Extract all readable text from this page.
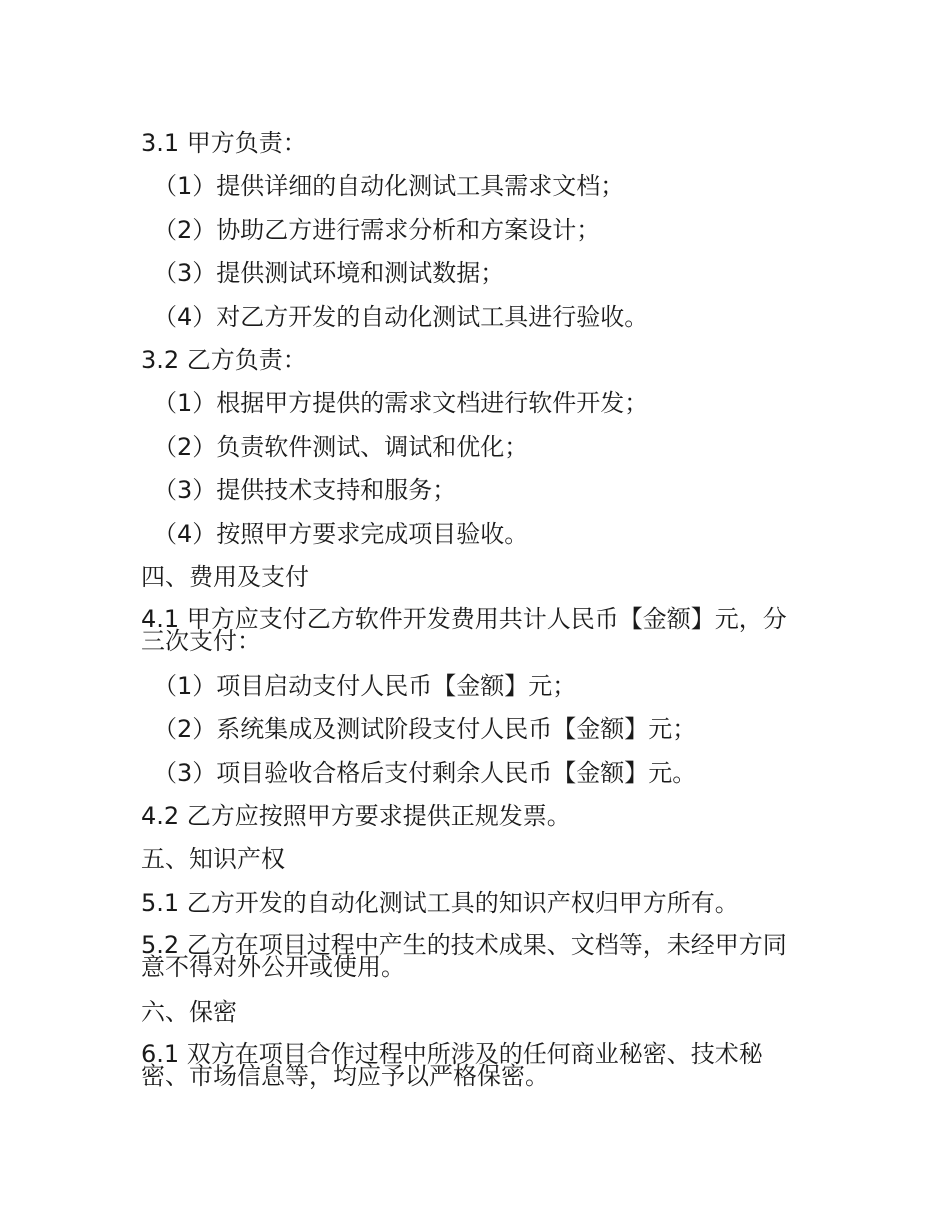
3.1 甲方负责：
（1）提供详细的自动化测试工具需求文档；
（2）协助乙方进行需求分析和方案设计；
（3）提供测试环境和测试数据；
（4）对乙方开发的自动化测试工具进行验收。
3.2 乙方负责：
（1）根据甲方提供的需求文档进行软件开发；
（2）负责软件测试、调试和优化；
（3）提供技术支持和服务；
（4）按照甲方要求完成项目验收。
四、费用及支付
4.1 甲方应支付乙方软件开发费用共计人民币【金额】元，分三次支付：
（1）项目启动支付人民币【金额】元；
（2）系统集成及测试阶段支付人民币【金额】元；
（3）项目验收合格后支付剩余人民币【金额】元。
4.2 乙方应按照甲方要求提供正规发票。
五、知识产权
5.1 乙方开发的自动化测试工具的知识产权归甲方所有。
5.2 乙方在项目过程中产生的技术成果、文档等，未经甲方同意不得对外公开或使用。
六、保密
6.1 双方在项目合作过程中所涉及的任何商业秘密、技术秘密、市场信息等，均应予以严格保密。
